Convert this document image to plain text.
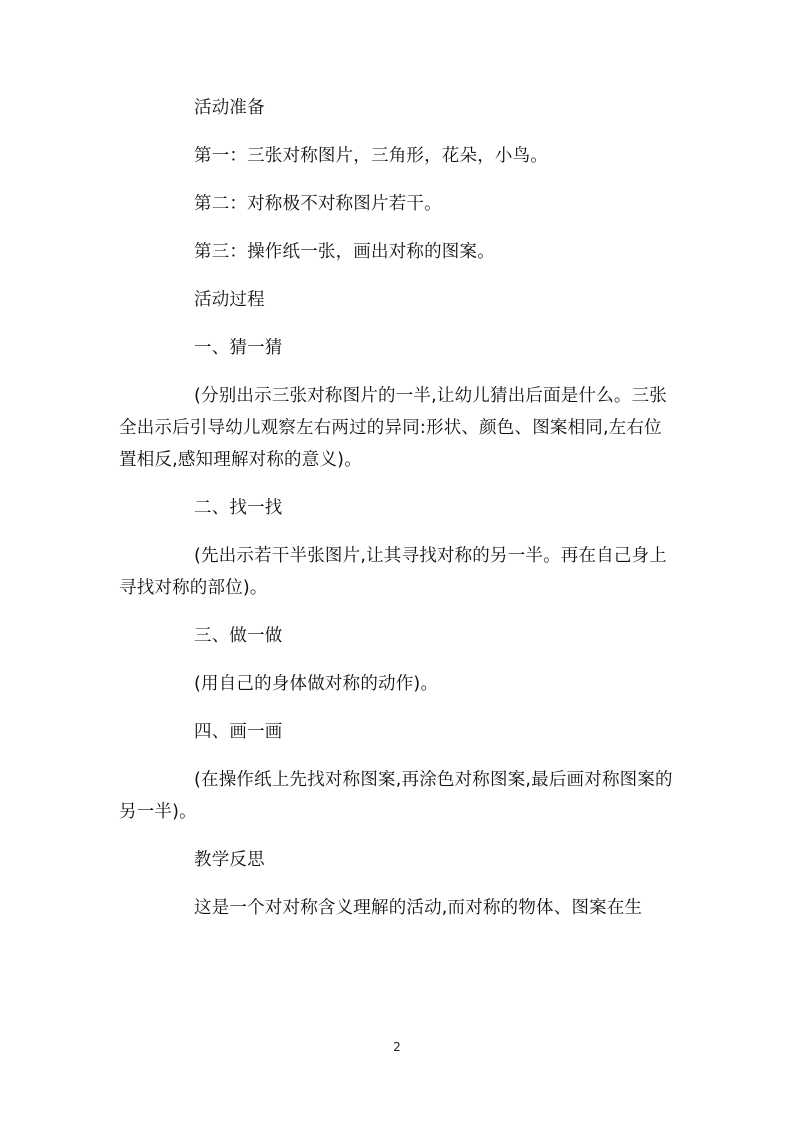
活动准备

第一：三张对称图片，三角形，花朵，小鸟。

第二：对称极不对称图片若干。

第三：操作纸一张，画出对称的图案。

活动过程

一、猜一猜

(分别出示三张对称图片的一半,让幼儿猜出后面是什么。三张全出示后引导幼儿观察左右两过的异同:形状、颜色、图案相同,左右位置相反,感知理解对称的意义)。

二、找一找

(先出示若干半张图片,让其寻找对称的另一半。再在自己身上寻找对称的部位)。

三、做一做

(用自己的身体做对称的动作)。

四、画一画

(在操作纸上先找对称图案,再涂色对称图案,最后画对称图案的另一半)。

教学反思

这是一个对对称含义理解的活动,而对称的物体、图案在生

2
